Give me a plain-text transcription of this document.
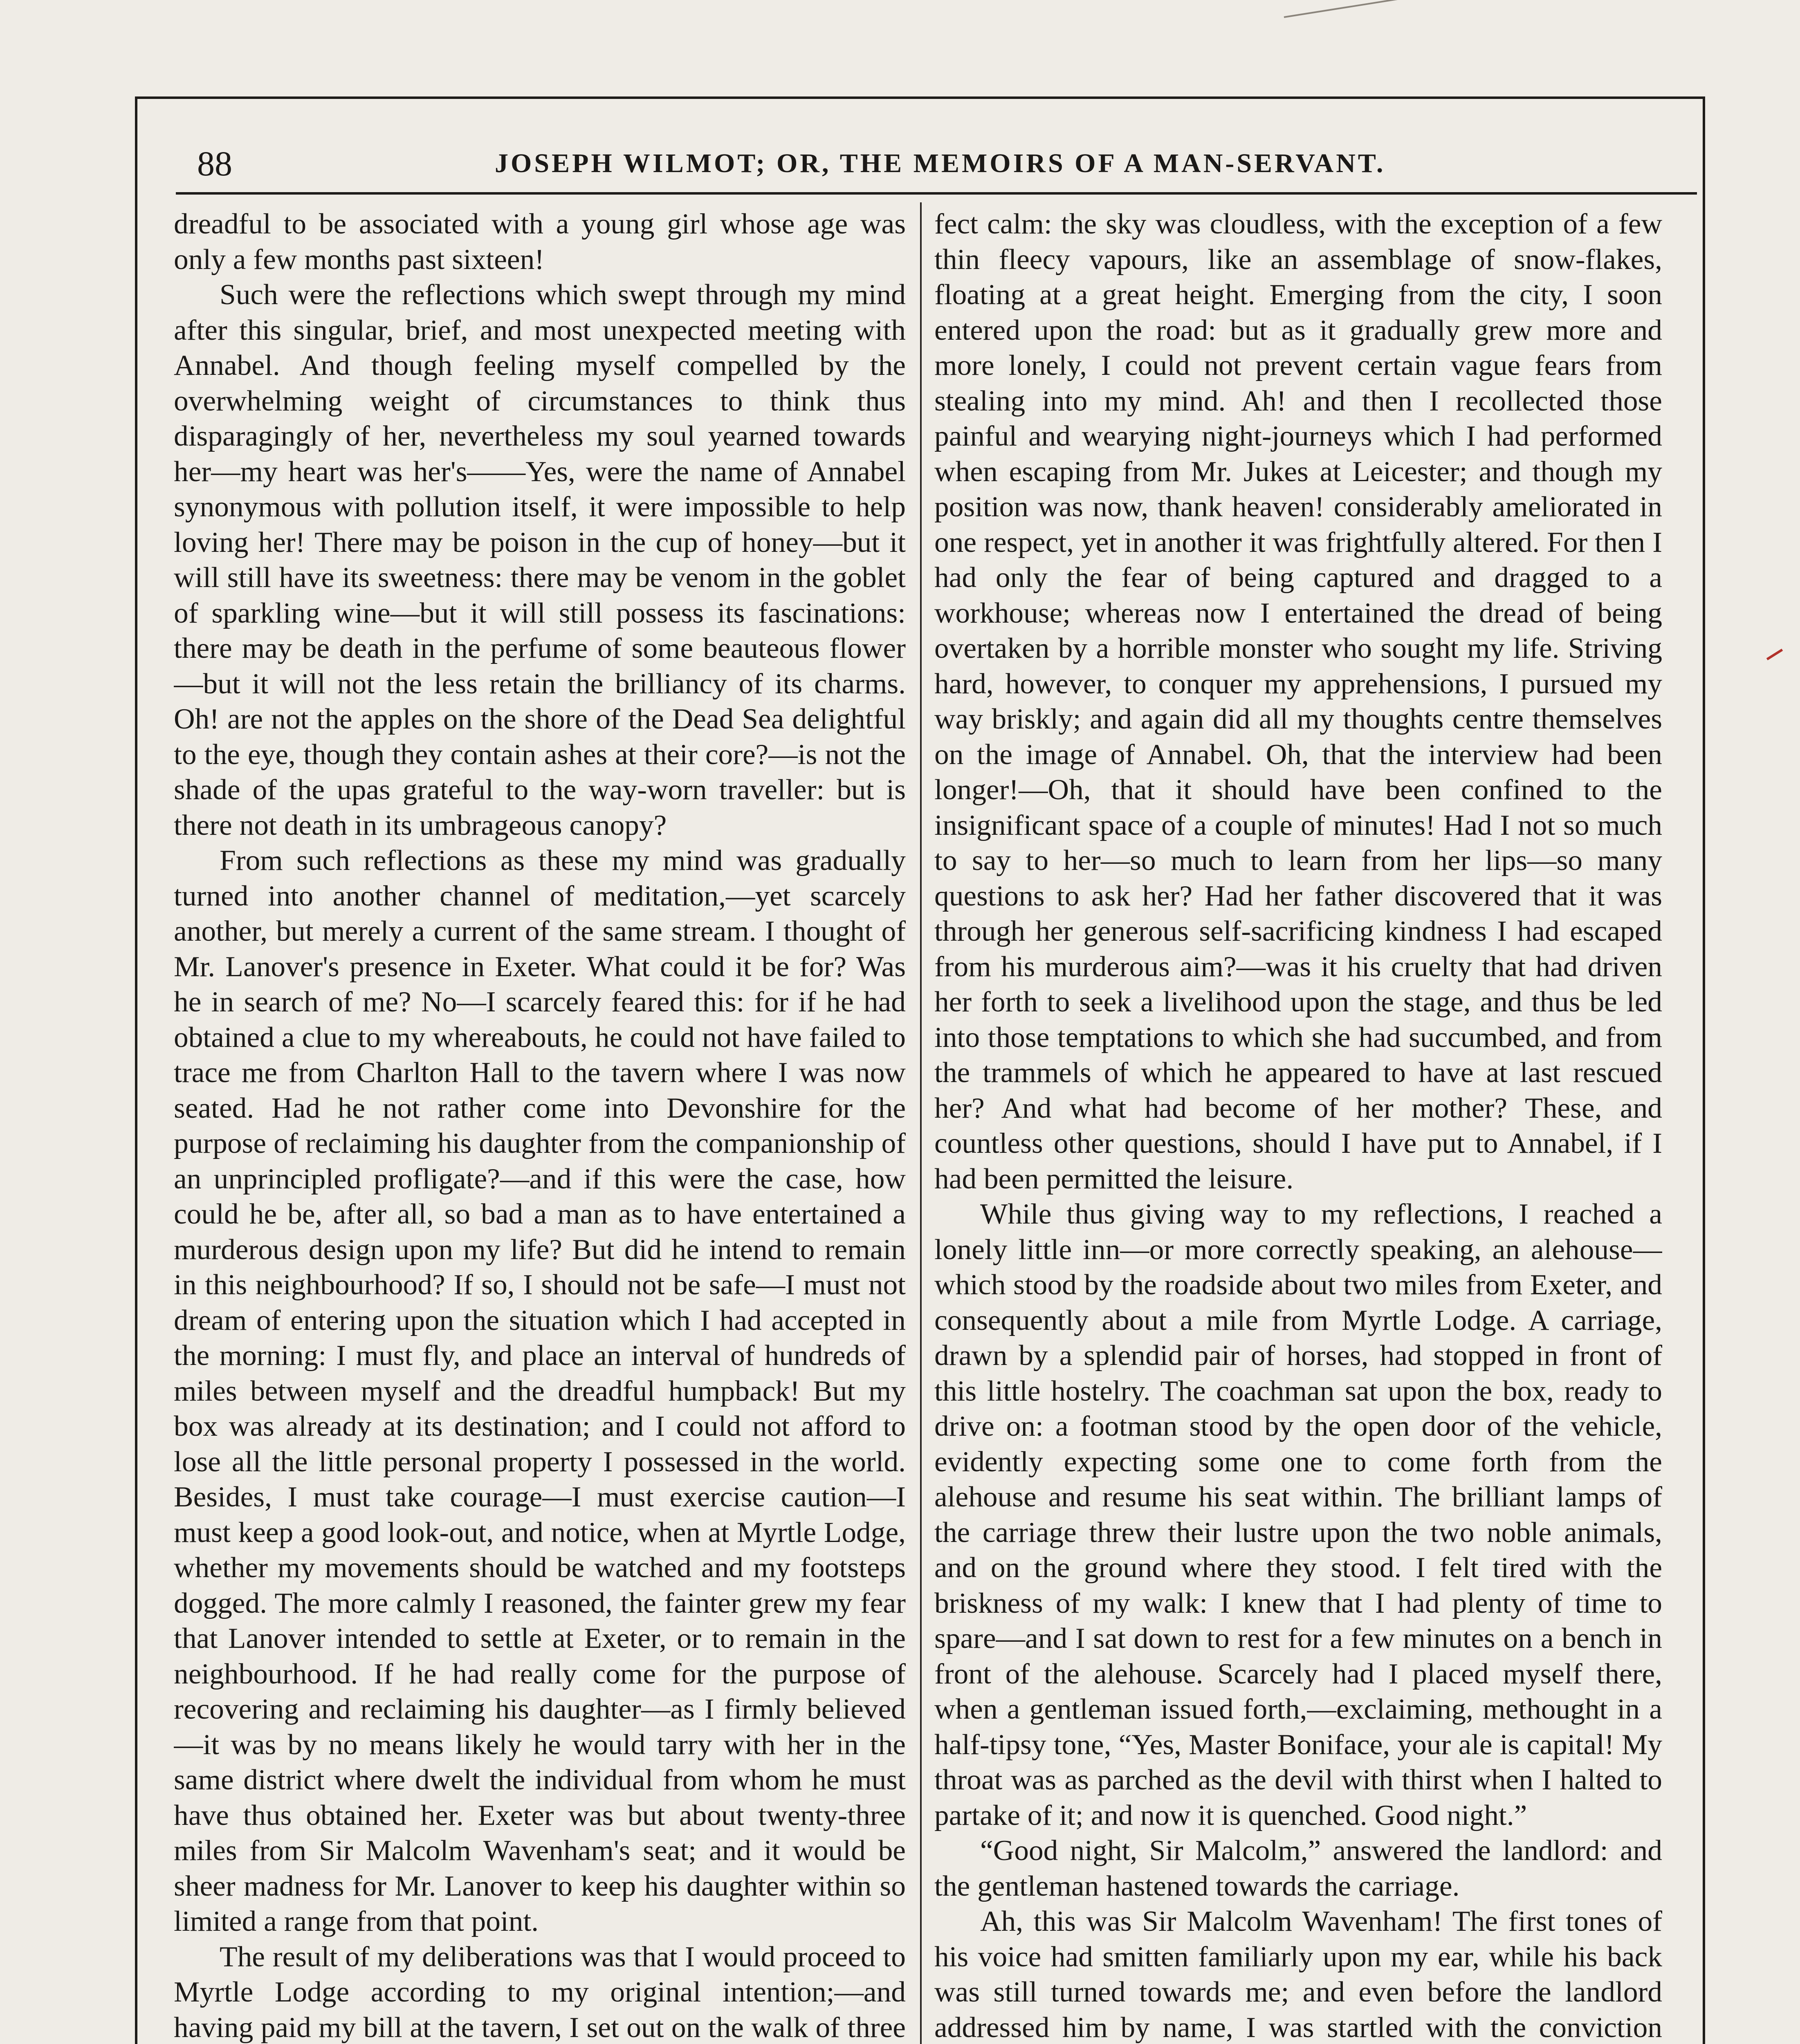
88	JOSEPH WILMOT; OR, THE MEMOIRS OF A MAN-SERVANT.

dreadful to be associated with a young girl whose age was only a few months past sixteen!

Such were the reflections which swept through my mind after this singular, brief, and most unexpected meeting with Annabel. And though feeling myself compelled by the overwhelming weight of circumstances to think thus disparagingly of her, nevertheless my soul yearned towards her—my heart was her's——Yes, were the name of Annabel synonymous with pollution itself, it were impossible to help loving her! There may be poison in the cup of honey—but it will still have its sweetness: there may be venom in the goblet of sparkling wine—but it will still possess its fascinations: there may be death in the perfume of some beauteous flower—but it will not the less retain the brilliancy of its charms. Oh! are not the apples on the shore of the Dead Sea delightful to the eye, though they contain ashes at their core?—is not the shade of the upas grateful to the way-worn traveller: but is there not death in its umbrageous canopy?

From such reflections as these my mind was gradually turned into another channel of meditation,—yet scarcely another, but merely a current of the same stream. I thought of Mr. Lanover's presence in Exeter. What could it be for? Was he in search of me? No—I scarcely feared this: for if he had obtained a clue to my whereabouts, he could not have failed to trace me from Charlton Hall to the tavern where I was now seated. Had he not rather come into Devonshire for the purpose of reclaiming his daughter from the companionship of an unprincipled profligate?—and if this were the case, how could he be, after all, so bad a man as to have entertained a murderous design upon my life? But did he intend to remain in this neighbourhood? If so, I should not be safe—I must not dream of entering upon the situation which I had accepted in the morning: I must fly, and place an interval of hundreds of miles between myself and the dreadful humpback! But my box was already at its destination; and I could not afford to lose all the little personal property I possessed in the world. Besides, I must take courage—I must exercise caution—I must keep a good look-out, and notice, when at Myrtle Lodge, whether my movements should be watched and my footsteps dogged. The more calmly I reasoned, the fainter grew my fear that Lanover intended to settle at Exeter, or to remain in the neighbourhood. If he had really come for the purpose of recovering and reclaiming his daughter—as I firmly believed—it was by no means likely he would tarry with her in the same district where dwelt the individual from whom he must have thus obtained her. Exeter was but about twenty-three miles from Sir Malcolm Wavenham's seat; and it would be sheer madness for Mr. Lanover to keep his daughter within so limited a range from that point.

The result of my deliberations was that I would proceed to Myrtle Lodge according to my original intention;—and having paid my bill at the tavern, I set out on the walk of three

fect calm: the sky was cloudless, with the exception of a few thin fleecy vapours, like an assemblage of snow-flakes, floating at a great height. Emerging from the city, I soon entered upon the road: but as it gradually grew more and more lonely, I could not prevent certain vague fears from stealing into my mind. Ah! and then I recollected those painful and wearying night-journeys which I had performed when escaping from Mr. Jukes at Leicester; and though my position was now, thank heaven! considerably ameliorated in one respect, yet in another it was frightfully altered. For then I had only the fear of being captured and dragged to a workhouse; whereas now I entertained the dread of being overtaken by a horrible monster who sought my life. Striving hard, however, to conquer my apprehensions, I pursued my way briskly; and again did all my thoughts centre themselves on the image of Annabel. Oh, that the interview had been longer!—Oh, that it should have been confined to the insignificant space of a couple of minutes! Had I not so much to say to her—so much to learn from her lips—so many questions to ask her? Had her father discovered that it was through her generous self-sacrificing kindness I had escaped from his murderous aim?—was it his cruelty that had driven her forth to seek a livelihood upon the stage, and thus be led into those temptations to which she had succumbed, and from the trammels of which he appeared to have at last rescued her? And what had become of her mother? These, and countless other questions, should I have put to Annabel, if I had been permitted the leisure.

While thus giving way to my reflections, I reached a lonely little inn—or more correctly speaking, an alehouse—which stood by the roadside about two miles from Exeter, and consequently about a mile from Myrtle Lodge. A carriage, drawn by a splendid pair of horses, had stopped in front of this little hostelry. The coachman sat upon the box, ready to drive on: a footman stood by the open door of the vehicle, evidently expecting some one to come forth from the alehouse and resume his seat within. The brilliant lamps of the carriage threw their lustre upon the two noble animals, and on the ground where they stood. I felt tired with the briskness of my walk: I knew that I had plenty of time to spare—and I sat down to rest for a few minutes on a bench in front of the alehouse. Scarcely had I placed myself there, when a gentleman issued forth,—exclaiming, methought in a half-tipsy tone, “Yes, Master Boniface, your ale is capital! My throat was as parched as the devil with thirst when I halted to partake of it; and now it is quenched. Good night.”

“Good night, Sir Malcolm,” answered the landlord: and the gentleman hastened towards the carriage.

Ah, this was Sir Malcolm Wavenham! The first tones of his voice had smitten familiarly upon my ear, while his back was still turned towards me; and even before the landlord addressed him by name, I was startled with the conviction
